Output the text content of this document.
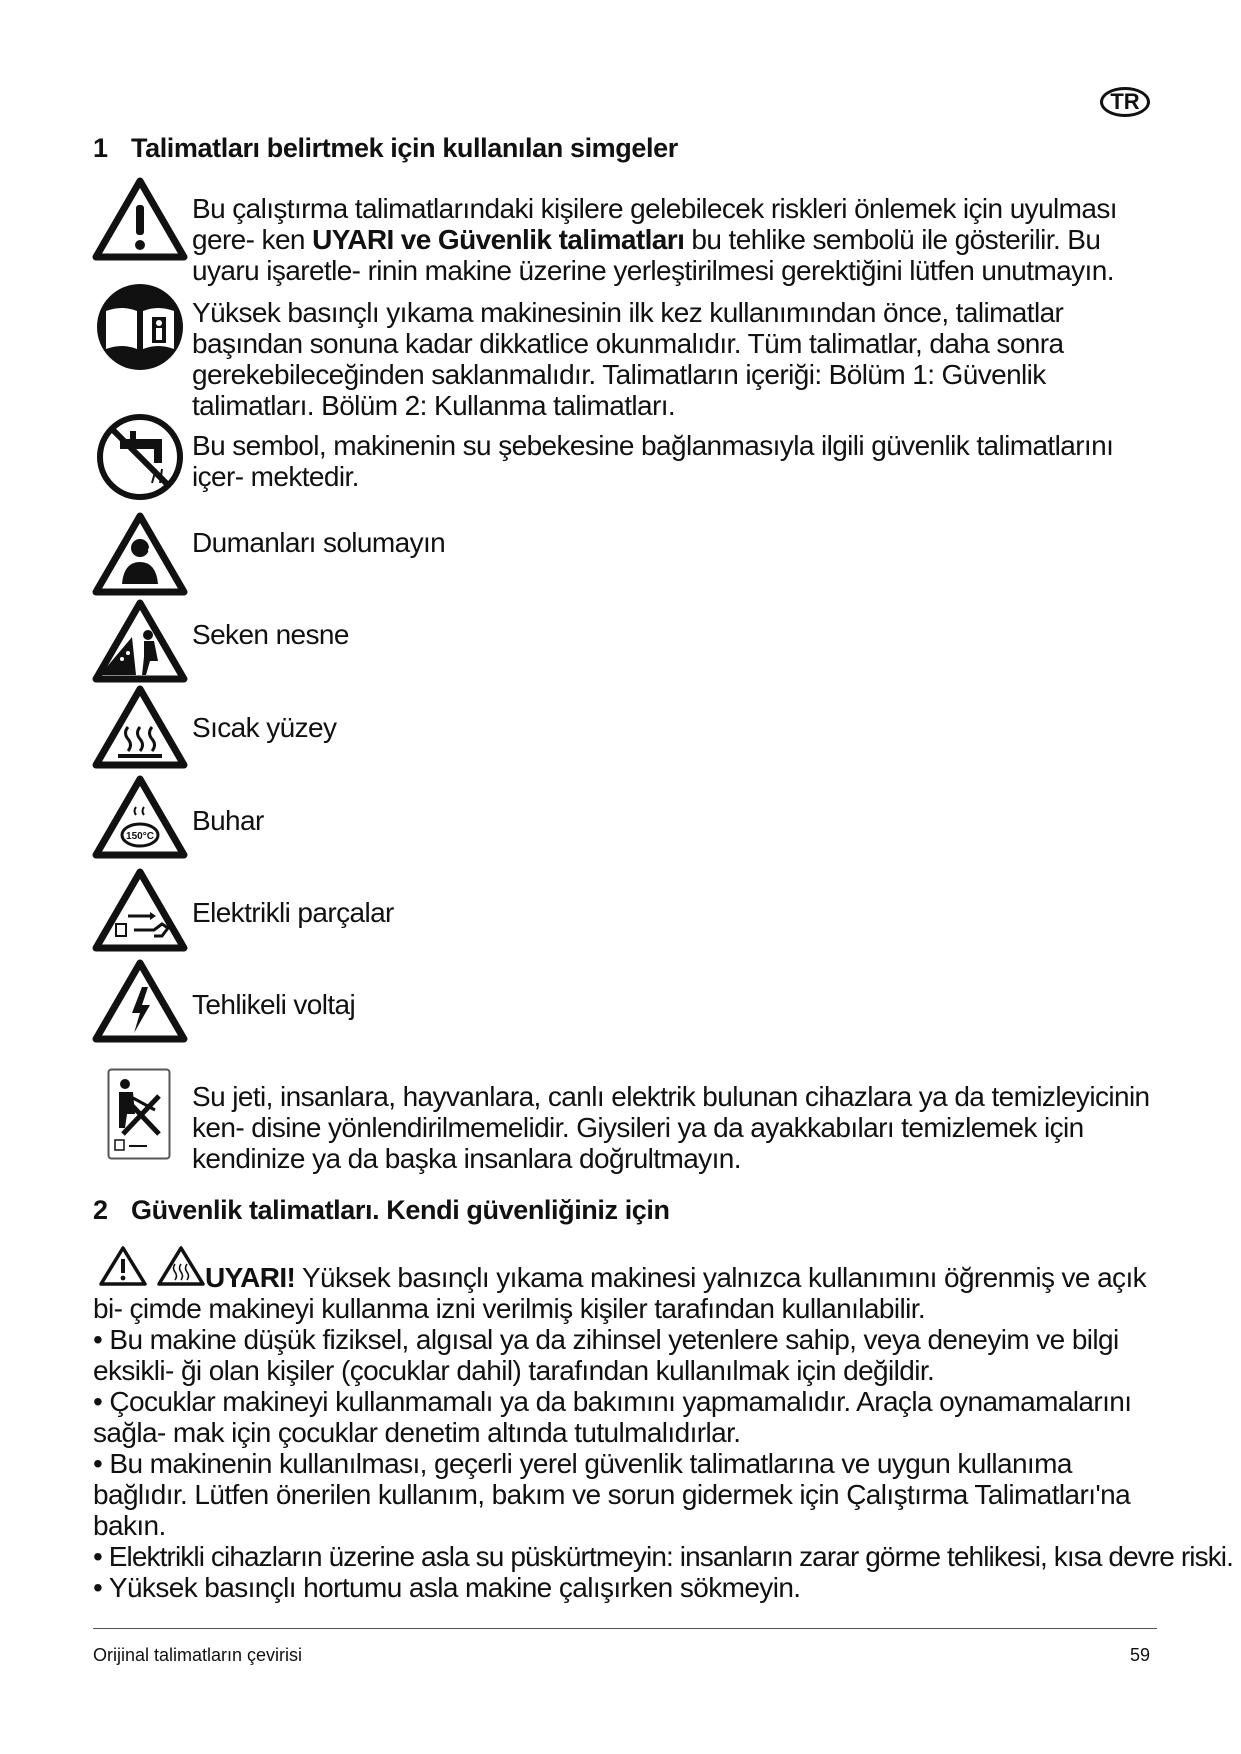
TR
1 Talimatları belirtmek için kullanılan simgeler
Bu çalıştırma talimatlarındaki kişilere gelebilecek riskleri önlemek için uyulması gere- ken UYARI ve Güvenlik talimatları bu tehlike sembolü ile gösterilir. Bu uyaru işaretle- rinin makine üzerine yerleştirilmesi gerektiğini lütfen unutmayın.
Yüksek basınçlı yıkama makinesinin ilk kez kullanımından önce, talimatlar başından sonuna kadar dikkatlice okunmalıdır. Tüm talimatlar, daha sonra gerekebileceğinden saklanmalıdır. Talimatların içeriği: Bölüm 1: Güvenlik talimatları. Bölüm 2: Kullanma talimatları.
Bu sembol, makinenin su şebekesine bağlanmasıyla ilgili güvenlik talimatlarını içer- mektedir.
Dumanları solumayın
Seken nesne
Sıcak yüzey
150°C
Buhar
Elektrikli parçalar
Tehlikeli voltaj
Su jeti, insanlara, hayvanlara, canlı elektrik bulunan cihazlara ya da temizleyicinin ken- disine yönlendirilmemelidir. Giysileri ya da ayakkabıları temizlemek için kendinize ya da başka insanlara doğrultmayın.
2 Güvenlik talimatları. Kendi güvenliğiniz için
UYARI! Yüksek basınçlı yıkama makinesi yalnızca kullanımını öğrenmiş ve açık bi- çimde makineyi kullanma izni verilmiş kişiler tarafından kullanılabilir.

• Bu makine düşük fiziksel, algısal ya da zihinsel yetenlere sahip, veya deneyim ve bilgi eksikli- ği olan kişiler (çocuklar dahil) tarafından kullanılmak için değildir.

• Çocuklar makineyi kullanmamalı ya da bakımını yapmamalıdır. Araçla oynamamalarını sağla- mak için çocuklar denetim altında tutulmalıdırlar.

• Bu makinenin kullanılması, geçerli yerel güvenlik talimatlarına ve uygun kullanıma bağlıdır. Lütfen önerilen kullanım, bakım ve sorun gidermek için Çalıştırma Talimatları'na bakın.

• Elektrikli cihazların üzerine asla su püskürtmeyin: insanların zarar görme tehlikesi, kısa devre riski.

• Yüksek basınçlı hortumu asla makine çalışırken sökmeyin.

Orijinal talimatların çevirisi	59
